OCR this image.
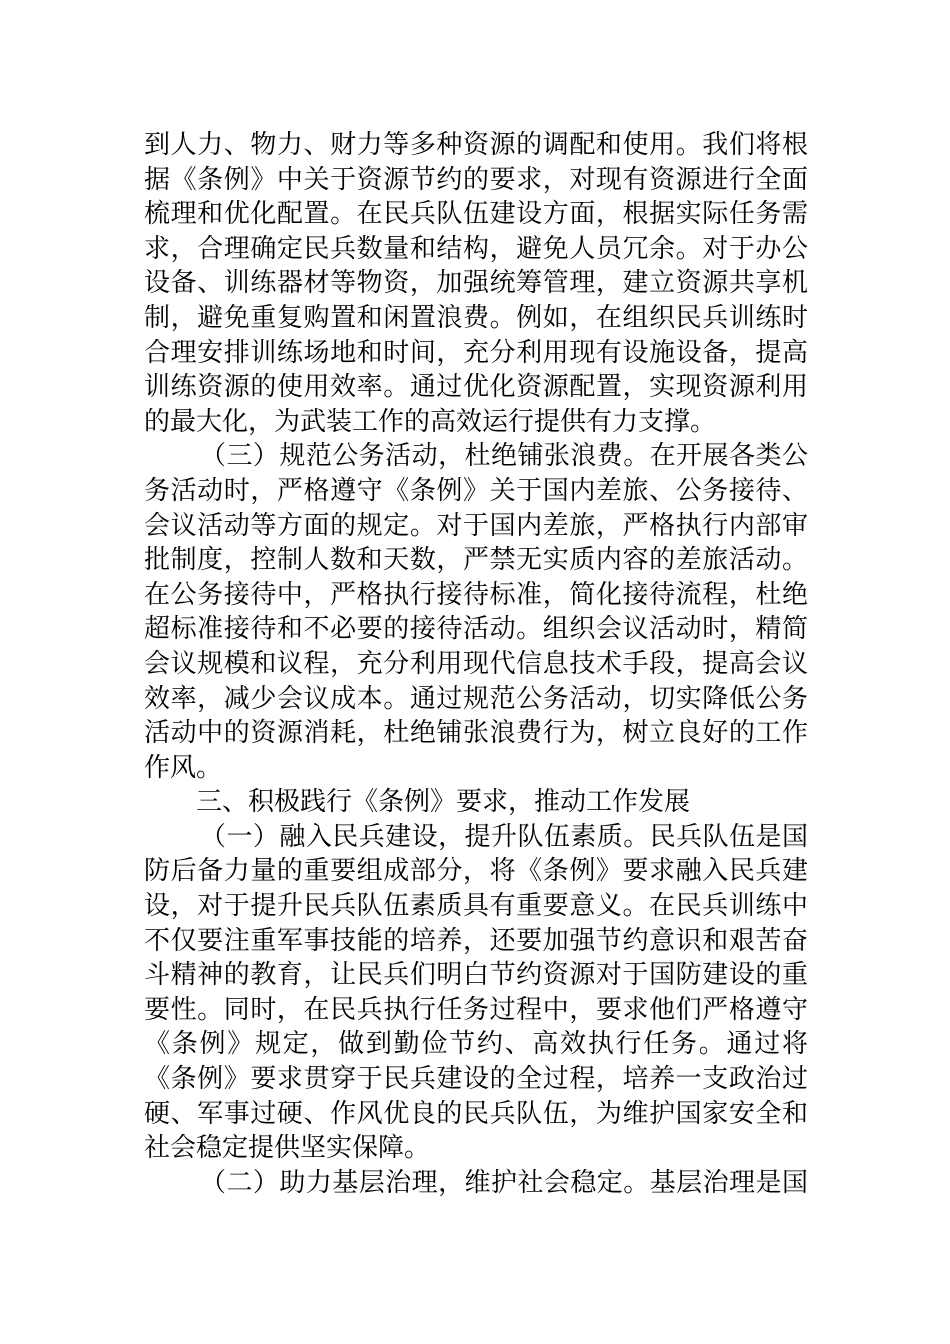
到人力、物力、财力等多种资源的调配和使用。我们将根
据《条例》中关于资源节约的要求，对现有资源进行全面
梳理和优化配置。在民兵队伍建设方面，根据实际任务需
求，合理确定民兵数量和结构，避免人员冗余。对于办公
设备、训练器材等物资，加强统筹管理，建立资源共享机
制，避免重复购置和闲置浪费。例如，在组织民兵训练时
合理安排训练场地和时间，充分利用现有设施设备，提高
训练资源的使用效率。通过优化资源配置，实现资源利用
的最大化，为武装工作的高效运行提供有力支撑。
（三）规范公务活动，杜绝铺张浪费。在开展各类公
务活动时，严格遵守《条例》关于国内差旅、公务接待、
会议活动等方面的规定。对于国内差旅，严格执行内部审
批制度，控制人数和天数，严禁无实质内容的差旅活动。
在公务接待中，严格执行接待标准，简化接待流程，杜绝
超标准接待和不必要的接待活动。组织会议活动时，精简
会议规模和议程，充分利用现代信息技术手段，提高会议
效率，减少会议成本。通过规范公务活动，切实降低公务
活动中的资源消耗，杜绝铺张浪费行为，树立良好的工作
作风。
三、积极践行《条例》要求，推动工作发展
（一）融入民兵建设，提升队伍素质。民兵队伍是国
防后备力量的重要组成部分，将《条例》要求融入民兵建
设，对于提升民兵队伍素质具有重要意义。在民兵训练中
不仅要注重军事技能的培养，还要加强节约意识和艰苦奋
斗精神的教育，让民兵们明白节约资源对于国防建设的重
要性。同时，在民兵执行任务过程中，要求他们严格遵守
《条例》规定，做到勤俭节约、高效执行任务。通过将
《条例》要求贯穿于民兵建设的全过程，培养一支政治过
硬、军事过硬、作风优良的民兵队伍，为维护国家安全和
社会稳定提供坚实保障。
（二）助力基层治理，维护社会稳定。基层治理是国
